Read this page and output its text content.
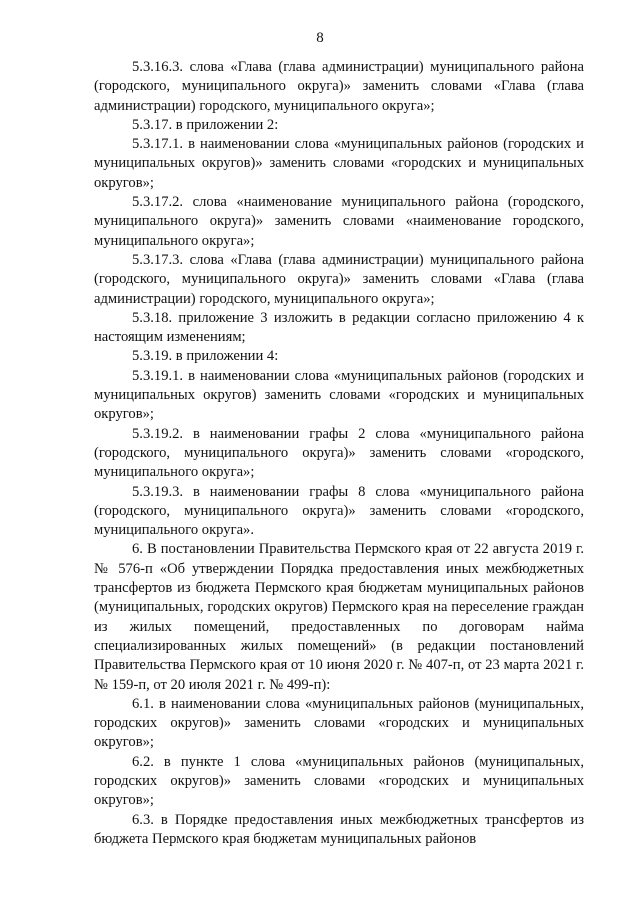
8

5.3.16.3. слова «Глава (глава администрации) муниципального района (городского, муниципального округа)» заменить словами «Глава (глава администрации) городского, муниципального округа»;

5.3.17. в приложении 2:

5.3.17.1. в наименовании слова «муниципальных районов (городских и муниципальных округов)» заменить словами «городских и муниципальных округов»;

5.3.17.2. слова «наименование муниципального района (городского, муниципального округа)» заменить словами «наименование городского, муниципального округа»;

5.3.17.3. слова «Глава (глава администрации) муниципального района (городского, муниципального округа)» заменить словами «Глава (глава администрации) городского, муниципального округа»;

5.3.18. приложение 3 изложить в редакции согласно приложению 4 к настоящим изменениям;

5.3.19. в приложении 4:

5.3.19.1. в наименовании слова «муниципальных районов (городских и муниципальных округов) заменить словами «городских и муниципальных округов»;

5.3.19.2. в наименовании графы 2 слова «муниципального района (городского, муниципального округа)» заменить словами «городского, муниципального округа»;

5.3.19.3. в наименовании графы 8 слова «муниципального района (городского, муниципального округа)» заменить словами «городского, муниципального округа».

6. В постановлении Правительства Пермского края от 22 августа 2019 г. № 576-п «Об утверждении Порядка предоставления иных межбюджетных трансфертов из бюджета Пермского края бюджетам муниципальных районов (муниципальных, городских округов) Пермского края на переселение граждан из жилых помещений, предоставленных по договорам найма специализированных жилых помещений» (в редакции постановлений Правительства Пермского края от 10 июня 2020 г. № 407-п, от 23 марта 2021 г. № 159-п, от 20 июля 2021 г. № 499-п):

6.1. в наименовании слова «муниципальных районов (муниципальных, городских округов)» заменить словами «городских и муниципальных округов»;

6.2. в пункте 1 слова «муниципальных районов (муниципальных, городских округов)» заменить словами «городских и муниципальных округов»;

6.3. в Порядке предоставления иных межбюджетных трансфертов из бюджета Пермского края бюджетам муниципальных районов
